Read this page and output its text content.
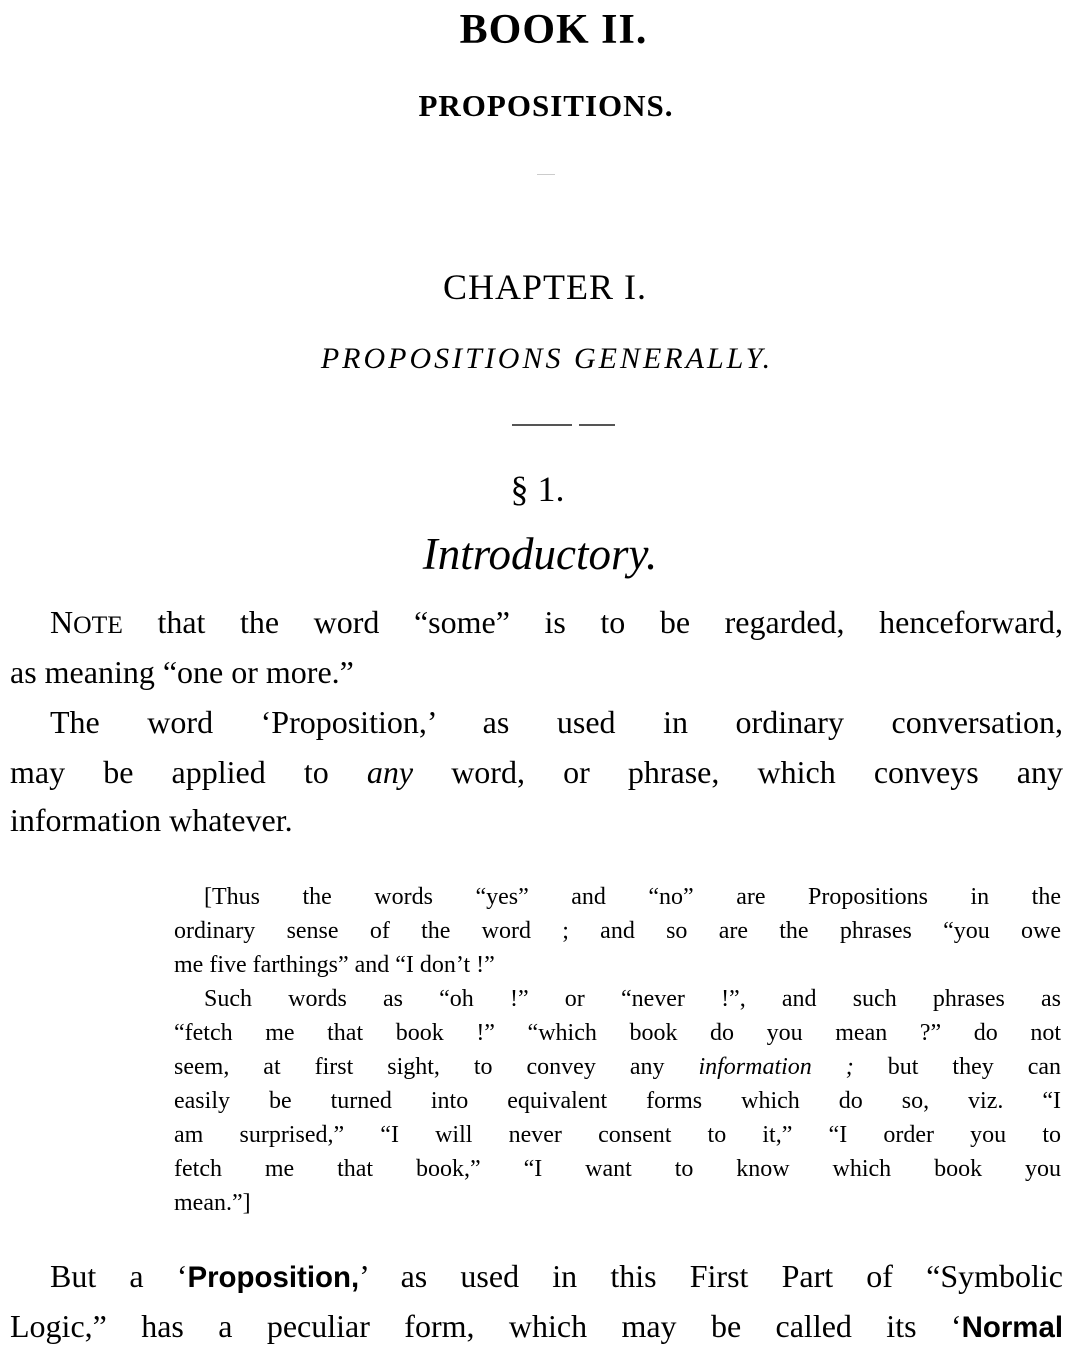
BOOK II.
PROPOSITIONS.
CHAPTER I.
PROPOSITIONS GENERALLY.
§ 1.
Introductory.
NOTE that the word “some” is to be regarded, henceforward,
as meaning “one or more.”
The word ‘Proposition,’ as used in ordinary conversation,
may be applied to any word, or phrase, which conveys any
information whatever.
[Thus the words “yes” and “no” are Propositions in the
ordinary sense of the word ; and so are the phrases “you owe
me five farthings” and “I don’t !”
Such words as “oh !” or “never !”, and such phrases as
“fetch me that book !” “which book do you mean ?” do not
seem, at first sight, to convey any information ; but they can
easily be turned into equivalent forms which do so, viz. “I
am surprised,” “I will never consent to it,” “I order you to
fetch me that book,” “I want to know which book you
mean.”]
But a ‘Proposition,’ as used in this First Part of “Symbolic
Logic,” has a peculiar form, which may be called its ‘Normal
